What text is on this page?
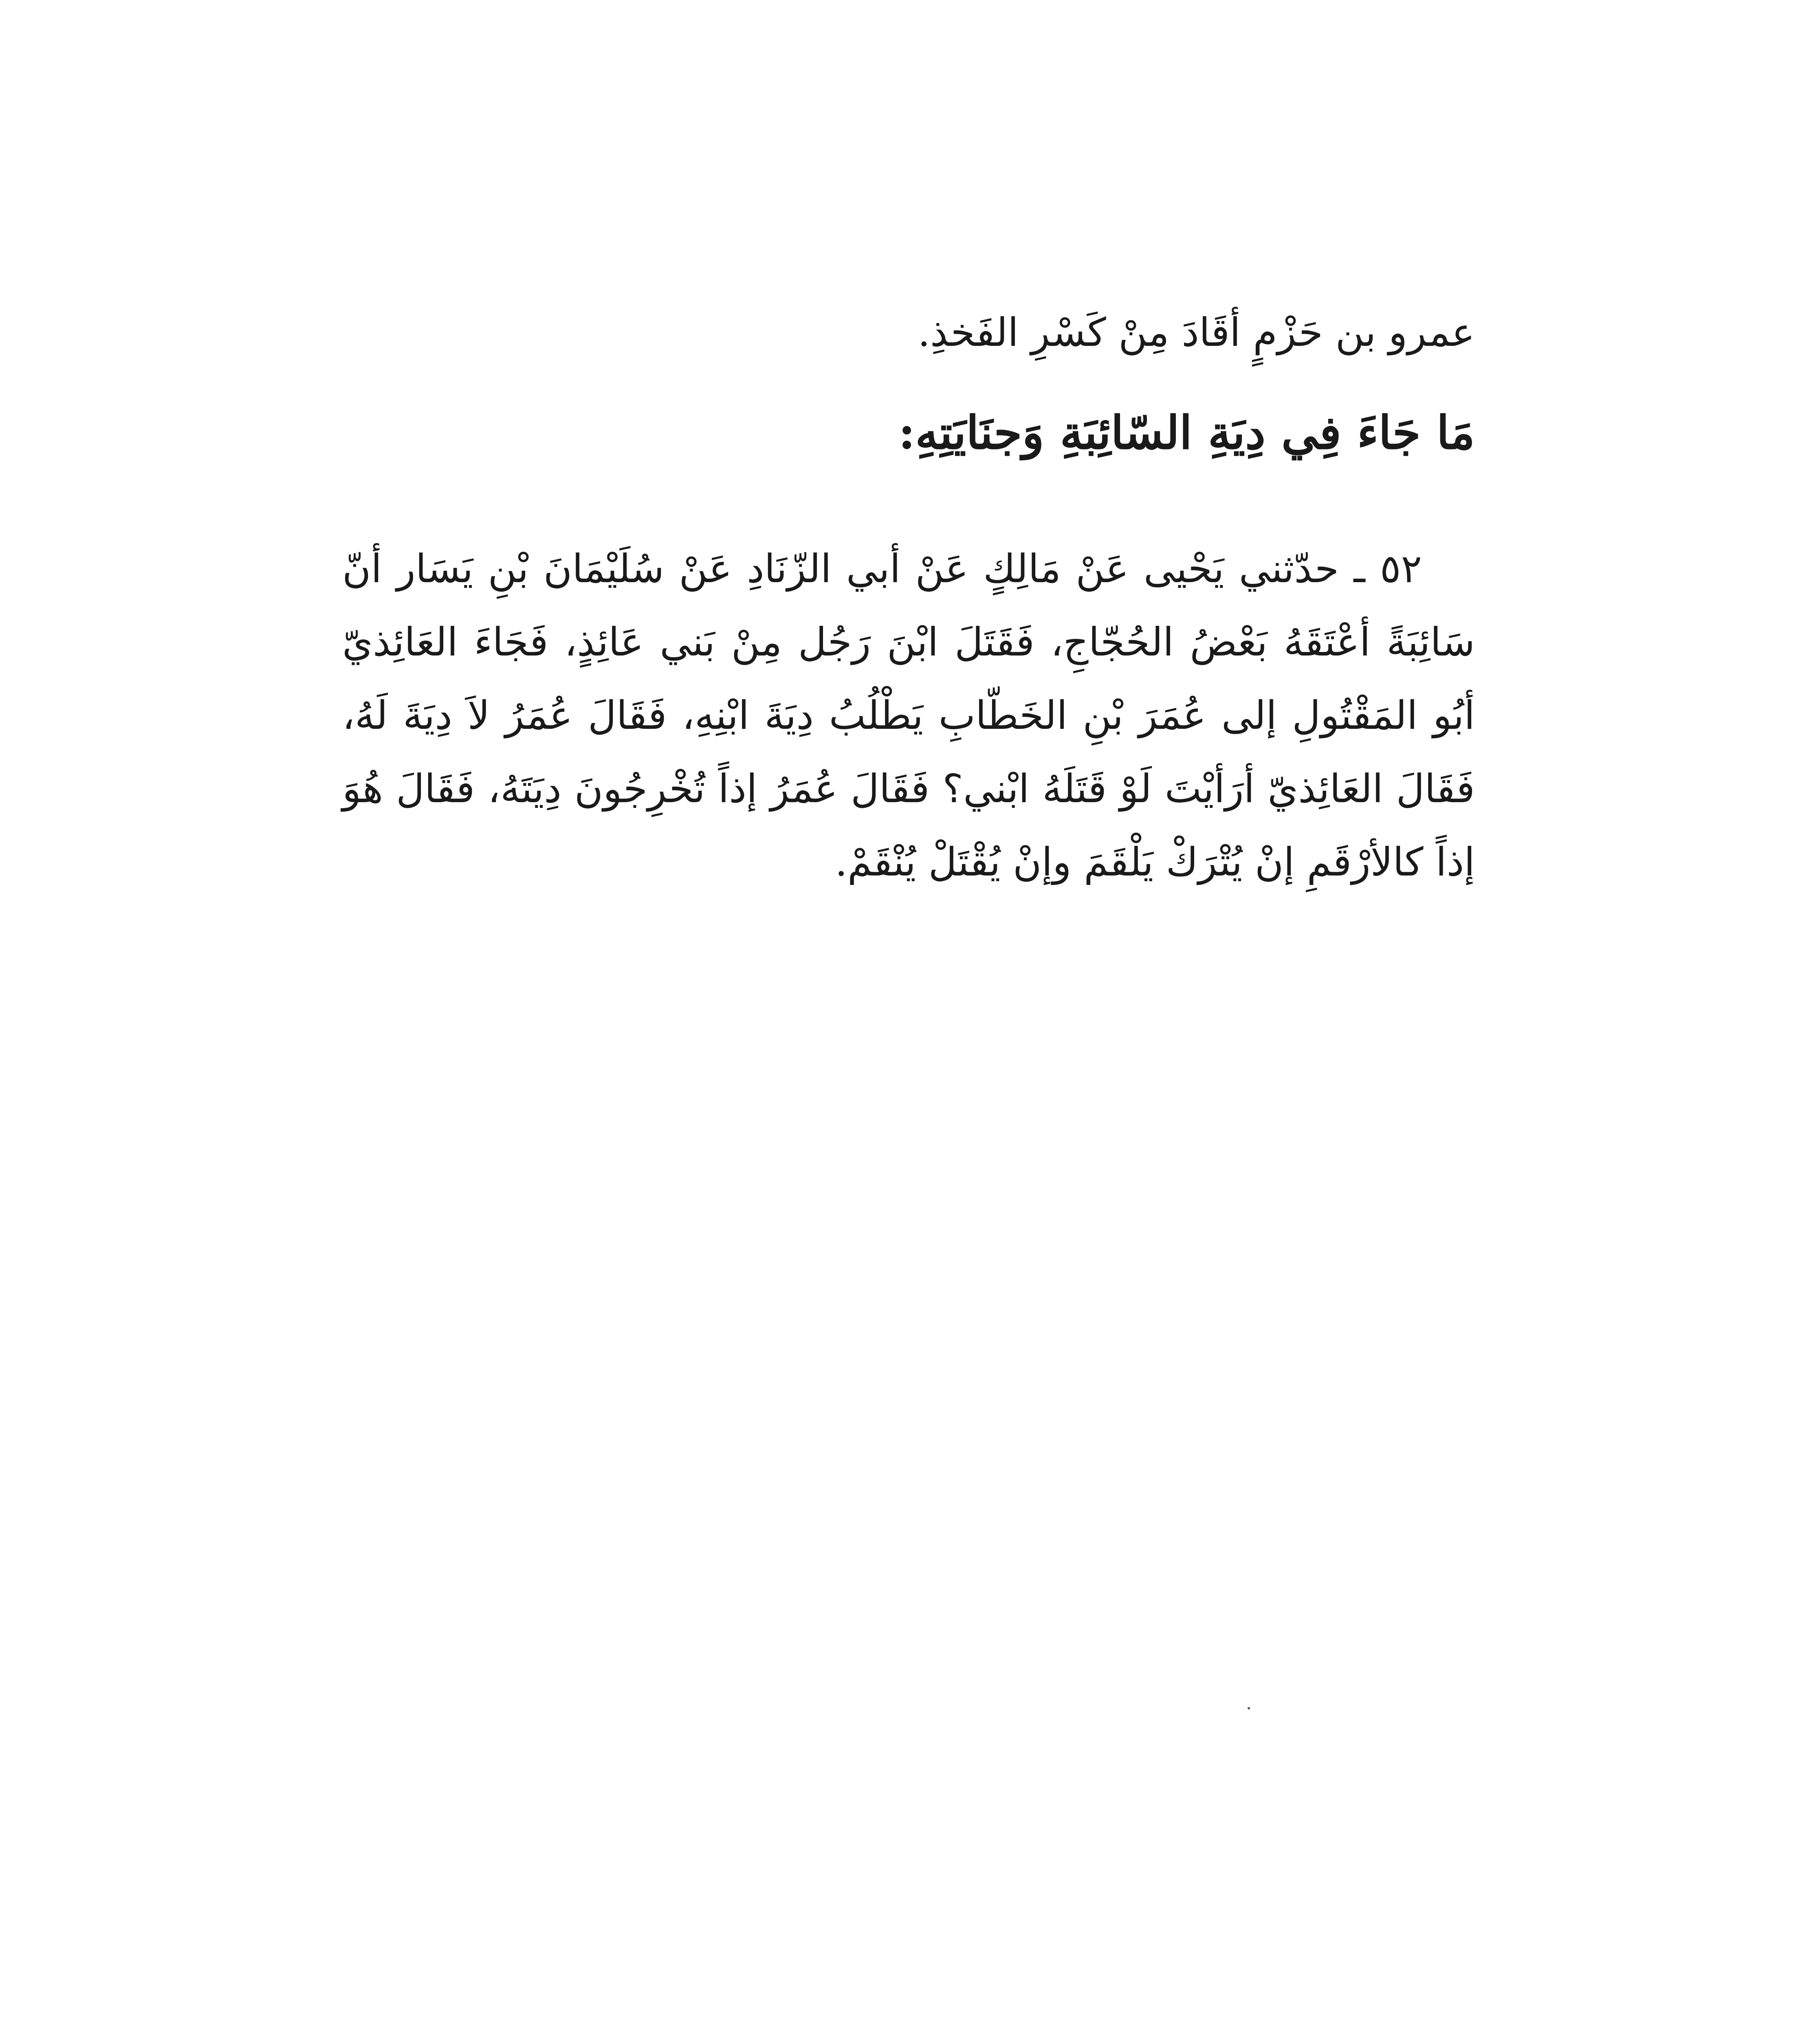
عمرو بن حَزْمٍ أقَادَ مِنْ كَسْرِ الفَخذِ.

مَا جَاءَ فِي دِيَةِ السّائِبَةِ وَجنَايَتِهِ:

٥٢ ـ حدّثني يَحْيى عَنْ مَالِكٍ عَنْ أبي الزّنَادِ عَنْ سُلَيْمَانَ بْنِ يَسَار أنّ سَائِبَةً أعْتَقَهُ بَعْضُ الحُجّاجِ، فَقَتَلَ ابْنَ رَجُل مِنْ بَني عَائِذٍ، فَجَاءَ العَائِذيّ أبُو المَقْتُولِ إلى عُمَرَ بْنِ الخَطّابِ يَطْلُبُ دِيَةَ ابْنِهِ، فَقَالَ عُمَرُ لاَ دِيَةَ لَهُ، فَقَالَ العَائِذيّ أرَأيْتَ لَوْ قَتَلَهُ ابْني؟ فَقَالَ عُمَرُ إذاً تُخْرِجُونَ دِيَتَهُ، فَقَالَ هُوَ إذاً كالأرْقَمِ إنْ يُتْرَكْ يَلْقَمَ وإنْ يُقْتَلْ يُنْقَمْ.
